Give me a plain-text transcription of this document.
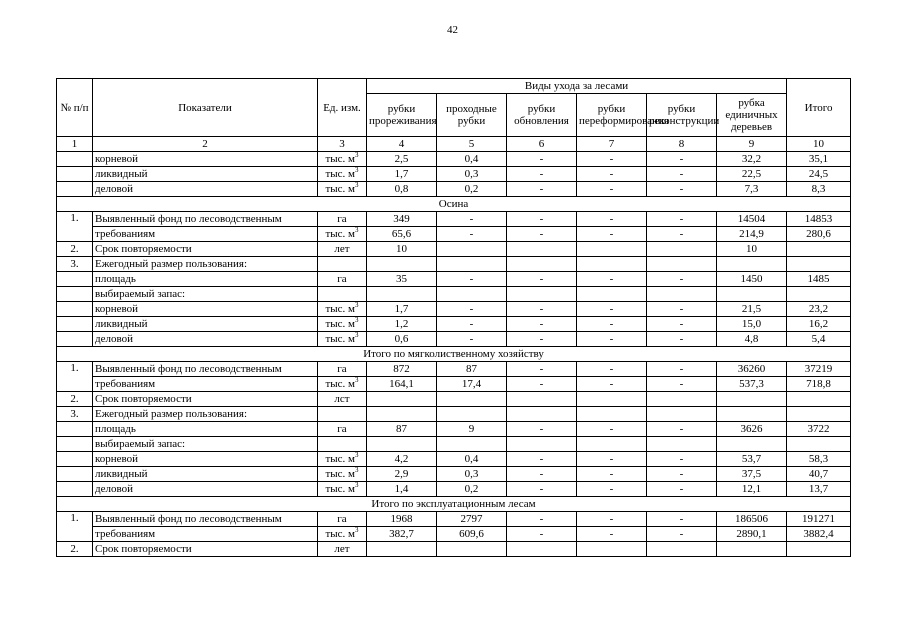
42
№ п/п	Показатели	Ед. изм.	Виды ухода за лесами						Итого
			рубки прореживания	проходные рубки	рубки обновления	рубки переформирования	рубки реконструкции	рубка единичных деревьев	
1	2	3	4	5	6	7	8	9	10
	корневой	тыс. $м^3$	2,5	0,4	-	-	-	32,2	35,1
	ликвидный	тыс. $м^3$	1,7	0,3	-	-	-	22,5	24,5
	деловой	тыс. $м^3$	0,8	0,2	-	-	-	7,3	8,3
Осина									
1.	Выявленный фонд по лесоводственным	га	349	-	-	-	-	14504	14853
	требованиям	тыс. $м^3$	65,6	-	-	-	-	214,9	280,6
2.	Срок повторяемости	лет	10					10	
3.	Ежегодный размер пользования:								
	площадь	га	35	-	-	-	-	1450	1485
	выбираемый запас:								
	корневой	тыс. $м^3$	1,7	-	-	-	-	21,5	23,2
	ликвидный	тыс. $м^3$	1,2	-	-	-	-	15,0	16,2
	деловой	тыс. $м^3$	0,6	-	-	-	-	4,8	5,4
Итого по мягколиственному хозяйству									
1.	Выявленный фонд по лесоводственным	га	872	87	-	-	-	36260	37219
	требованиям	тыс. $м^3$	164,1	17,4	-	-	-	537,3	718,8
2.	Срок повторяемости	лст							
3.	Ежегодный размер пользования:								
	площадь	га	87	9	-	-	-	3626	3722
	выбираемый запас:								
	корневой	тыс. $м^3$	4,2	0,4	-	-	-	53,7	58,3
	ликвидный	тыс. $м^3$	2,9	0,3	-	-	-	37,5	40,7
	деловой	тыс. $м^3$	1,4	0,2	-	-	-	12,1	13,7
Итого по эксплуатационным лесам									
1.	Выявленный фонд по лесоводственным	га	1968	2797	-	-	-	186506	191271
	требованиям	тыс. $м^3$	382,7	609,6	-	-	-	2890,1	3882,4
2.	Срок повторяемости	лет							
